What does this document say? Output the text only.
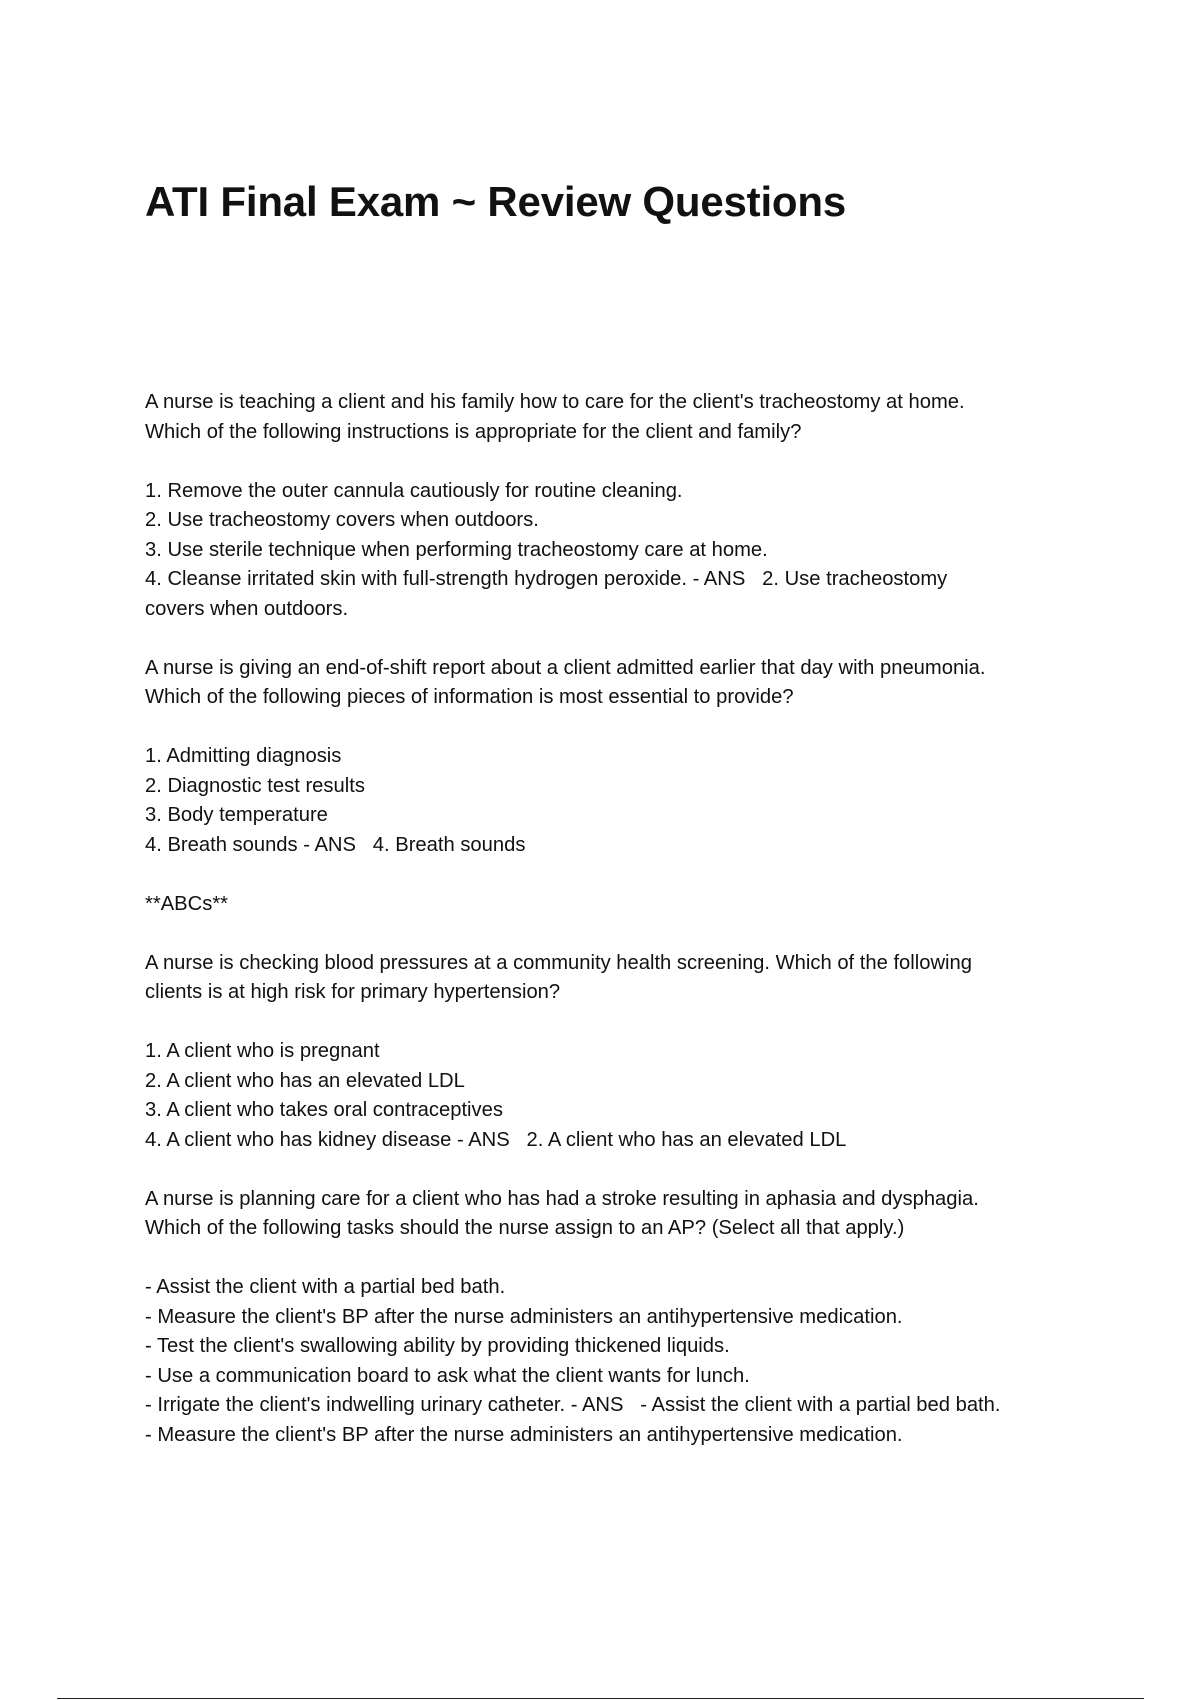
ATI Final Exam ~ Review Questions
A nurse is teaching a client and his family how to care for the client's tracheostomy at home.
Which of the following instructions is appropriate for the client and family?

1. Remove the outer cannula cautiously for routine cleaning.
2. Use tracheostomy covers when outdoors.
3. Use sterile technique when performing tracheostomy care at home.
4. Cleanse irritated skin with full-strength hydrogen peroxide. - ANS   2. Use tracheostomy
covers when outdoors.

A nurse is giving an end-of-shift report about a client admitted earlier that day with pneumonia.
Which of the following pieces of information is most essential to provide?

1. Admitting diagnosis
2. Diagnostic test results
3. Body temperature
4. Breath sounds - ANS   4. Breath sounds

**ABCs**

A nurse is checking blood pressures at a community health screening. Which of the following
clients is at high risk for primary hypertension?

1. A client who is pregnant
2. A client who has an elevated LDL
3. A client who takes oral contraceptives
4. A client who has kidney disease - ANS   2. A client who has an elevated LDL

A nurse is planning care for a client who has had a stroke resulting in aphasia and dysphagia.
Which of the following tasks should the nurse assign to an AP? (Select all that apply.)

- Assist the client with a partial bed bath.
- Measure the client's BP after the nurse administers an antihypertensive medication.
- Test the client's swallowing ability by providing thickened liquids.
- Use a communication board to ask what the client wants for lunch.
- Irrigate the client's indwelling urinary catheter. - ANS   - Assist the client with a partial bed bath.
- Measure the client's BP after the nurse administers an antihypertensive medication.
